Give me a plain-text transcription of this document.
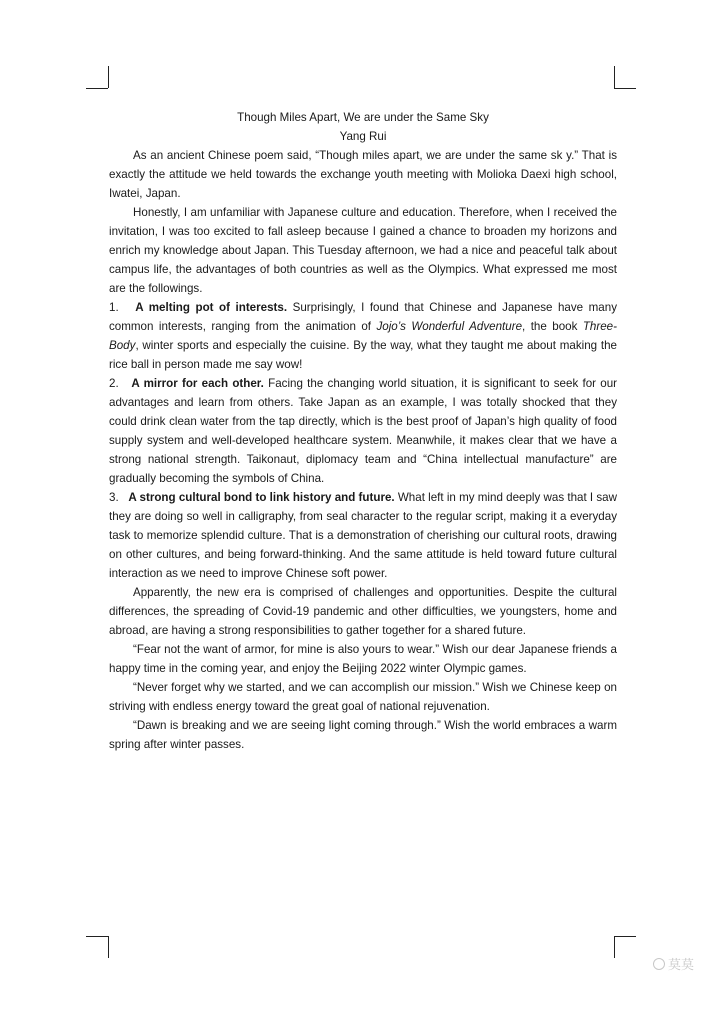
Though Miles Apart, We are under the Same Sky
Yang Rui

As an ancient Chinese poem said, “Though miles apart, we are under the same sk y.” That is exactly the attitude we held towards the exchange youth meeting with Molioka Daexi high school, Iwatei, Japan.

Honestly, I am unfamiliar with Japanese culture and education. Therefore, when I received the invitation, I was too excited to fall asleep because I gained a chance to broaden my horizons and enrich my knowledge about Japan. This Tuesday afternoon, we had a nice and peaceful talk about campus life, the advantages of both countries as well as the Olympics. What expressed me most are the followings.

1. A melting pot of interests. Surprisingly, I found that Chinese and Japanese have many common interests, ranging from the animation of Jojo’s Wonderful Adventure, the book Three-Body, winter sports and especially the cuisine. By the way, what they taught me about making the rice ball in person made me say wow!

2. A mirror for each other. Facing the changing world situation, it is significant to seek for our advantages and learn from others. Take Japan as an example, I was totally shocked that they could drink clean water from the tap directly, which is the best proof of Japan’s high quality of food supply system and well-developed healthcare system. Meanwhile, it makes clear that we have a strong national strength. Taikonaut, diplomacy team and “China intellectual manufacture” are gradually becoming the symbols of China.

3. A strong cultural bond to link history and future. What left in my mind deeply was that I saw they are doing so well in calligraphy, from seal character to the regular script, making it a everyday task to memorize splendid culture. That is a demonstration of cherishing our cultural roots, drawing on other cultures, and being forward-thinking. And the same attitude is held toward future cultural interaction as we need to improve Chinese soft power.

Apparently, the new era is comprised of challenges and opportunities. Despite the cultural differences, the spreading of Covid-19 pandemic and other difficulties, we youngsters, home and abroad, are having a strong responsibilities to gather together for a shared future.

“Fear not the want of armor, for mine is also yours to wear.” Wish our dear Japanese friends a happy time in the coming year, and enjoy the Beijing 2022 winter Olympic games.

“Never forget why we started, and we can accomplish our mission.” Wish we Chinese keep on striving with endless energy toward the great goal of national rejuvenation.

“Dawn is breaking and we are seeing light coming through.” Wish the world embraces a warm spring after winter passes.

莫莫
